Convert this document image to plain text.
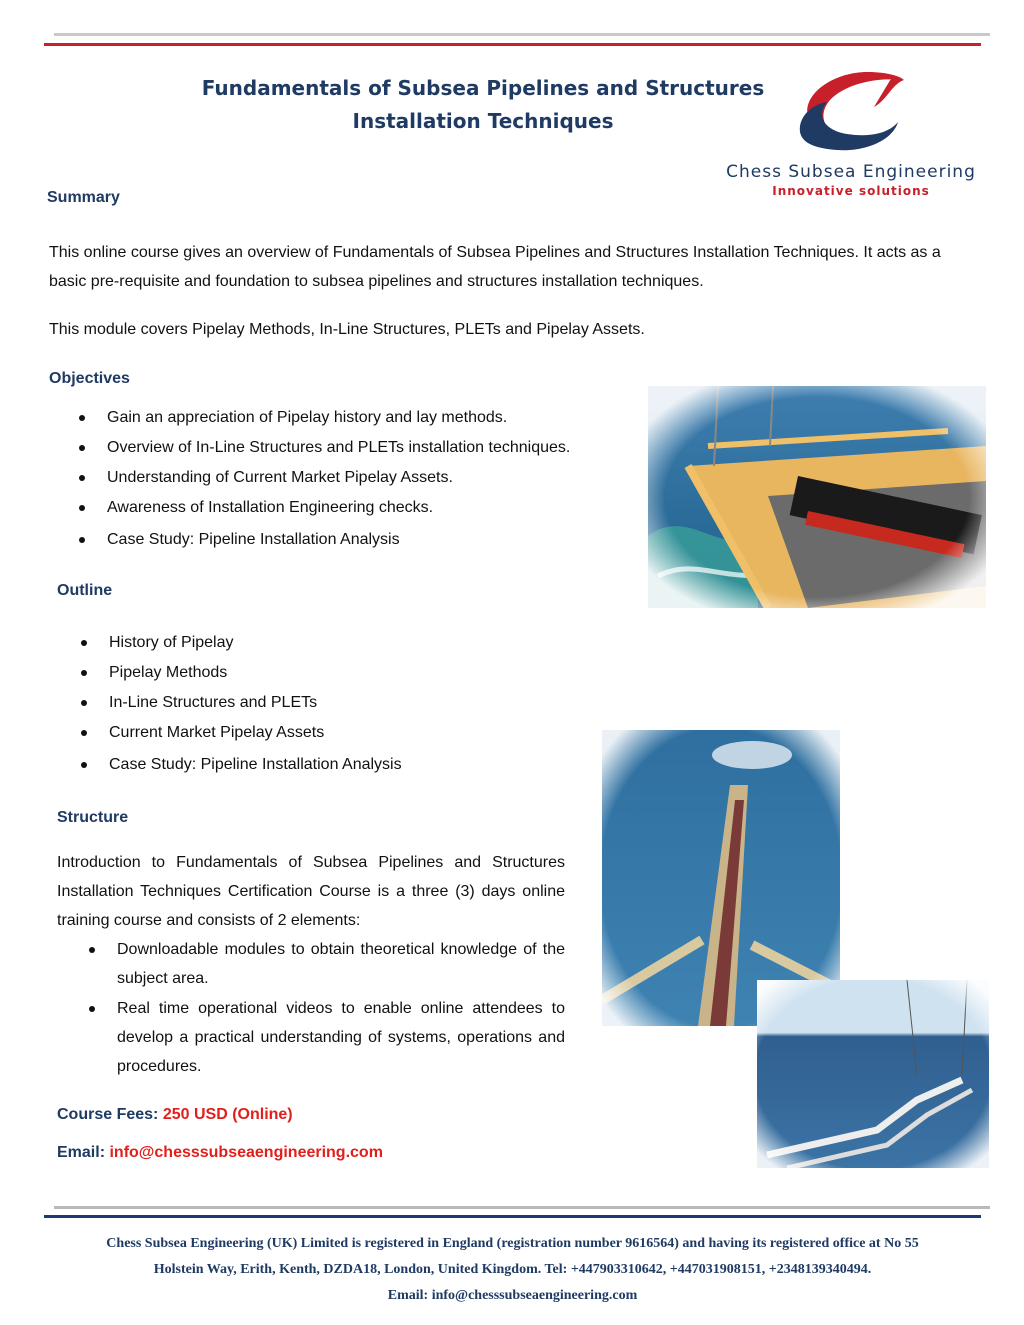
Fundamentals of Subsea Pipelines and Structures
Installation Techniques
Chess Subsea Engineering
Innovative solutions
Summary
This online course gives an overview of Fundamentals of Subsea Pipelines and Structures Installation Techniques. It acts as a
basic pre-requisite and foundation to subsea pipelines and structures installation techniques.
This module covers Pipelay Methods, In-Line Structures, PLETs and Pipelay Assets.
Objectives
Gain an appreciation of Pipelay history and lay methods.
Overview of In-Line Structures and PLETs installation techniques.
Understanding of Current Market Pipelay Assets.
Awareness of Installation Engineering checks.
Case Study: Pipeline Installation Analysis
Outline
History of Pipelay
Pipelay Methods
In-Line Structures and PLETs
Current Market Pipelay Assets
Case Study: Pipeline Installation Analysis
Structure
Introduction to Fundamentals of Subsea Pipelines and Structures Installation Techniques Certification Course is a three (3) days online training course and consists of 2 elements:
Downloadable modules to obtain theoretical knowledge of the subject area.
Real time operational videos to enable online attendees to develop a practical understanding of systems, operations and procedures.
Course Fees: 250 USD (Online)
Email: info@chesssubseaengineering.com
Chess Subsea Engineering (UK) Limited is registered in England (registration number 9616564) and having its registered office at No 55
Holstein Way, Erith, Kenth, DZDA18, London, United Kingdom. Tel: +447903310642, +447031908151, +2348139340494.
Email: info@chesssubseaengineering.com
